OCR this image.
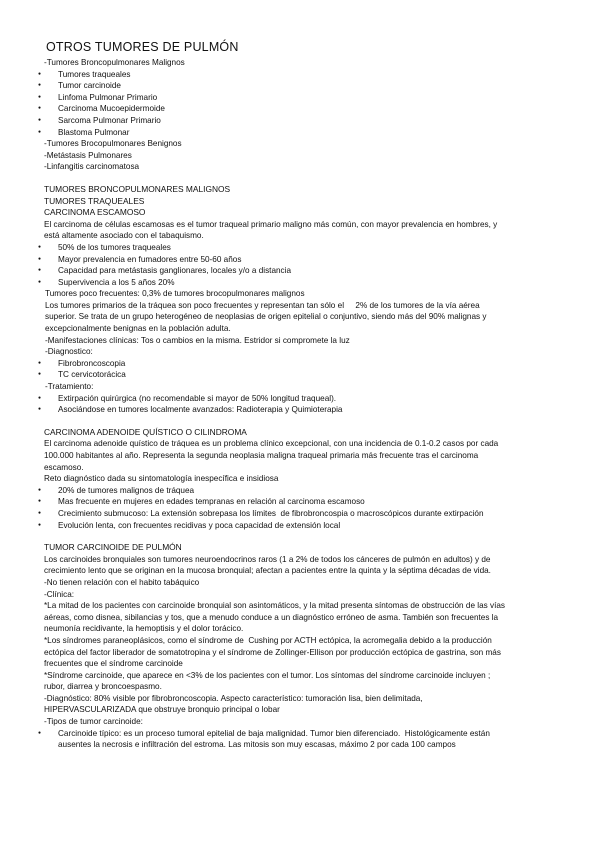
OTROS TUMORES DE PULMÓN
-Tumores Broncopulmonares Malignos
● Tumores traqueales
● Tumor carcinoide
● Linfoma Pulmonar Primario
● Carcinoma Mucoepidermoide
● Sarcoma Pulmonar Primario
● Blastoma Pulmonar
-Tumores Brocopulmonares Benignos
-Metástasis Pulmonares
-Linfangitis carcinomatosa
TUMORES BRONCOPULMONARES MALIGNOS
TUMORES TRAQUEALES
CARCINOMA ESCAMOSO
El carcinoma de células escamosas es el tumor traqueal primario maligno más común, con mayor prevalencia en hombres, y
está altamente asociado con el tabaquismo.
● 50% de los tumores traqueales
● Mayor prevalencia en fumadores entre 50-60 años
● Capacidad para metástasis ganglionares, locales y/o a distancia
● Supervivencia a los 5 años 20%
Tumores poco frecuentes: 0,3% de tumores brocopulmonares malignos
Los tumores primarios de la tráquea son poco frecuentes y representan tan sólo el     2% de los tumores de la vía aérea
superior. Se trata de un grupo heterogéneo de neoplasias de origen epitelial o conjuntivo, siendo más del 90% malignas y
excepcionalmente benignas en la población adulta.
-Manifestaciones clínicas: Tos o cambios en la misma. Estridor si compromete la luz
-Diagnostico:
● Fibrobroncoscopia
● TC cervicotorácica
-Tratamiento:
● Extirpación quirúrgica (no recomendable si mayor de 50% longitud traqueal).
● Asociándose en tumores localmente avanzados: Radioterapia y Quimioterapia
CARCINOMA ADENOIDE QUÍSTICO O CILINDROMA
El carcinoma adenoide quístico de tráquea es un problema clínico excepcional, con una incidencia de 0.1-0.2 casos por cada
100.000 habitantes al año. Representa la segunda neoplasia maligna traqueal primaria más frecuente tras el carcinoma
escamoso.
Reto diagnóstico dada su sintomatología inespecífica e insidiosa
● 20% de tumores malignos de tráquea
● Mas frecuente en mujeres en edades tempranas en relación al carcinoma escamoso
● Crecimiento submucoso: La extensión sobrepasa los límites  de fibrobroncospia o macroscópicos durante extirpación
● Evolución lenta, con frecuentes recidivas y poca capacidad de extensión local
TUMOR CARCINOIDE DE PULMÓN
Los carcinoides bronquiales son tumores neuroendocrinos raros (1 a 2% de todos los cánceres de pulmón en adultos) y de
crecimiento lento que se originan en la mucosa bronquial; afectan a pacientes entre la quinta y la séptima décadas de vida.
-No tienen relación con el habito tabáquico
-Clínica:
*La mitad de los pacientes con carcinoide bronquial son asintomáticos, y la mitad presenta síntomas de obstrucción de las vías
aéreas, como disnea, sibilancias y tos, que a menudo conduce a un diagnóstico erróneo de asma. También son frecuentes la
neumonía recidivante, la hemoptisis y el dolor torácico.
*Los síndromes paraneoplásicos, como el síndrome de  Cushing por ACTH ectópica, la acromegalia debido a la producción
ectópica del factor liberador de somatotropina y el síndrome de Zollinger-Ellison por producción ectópica de gastrina, son más
frecuentes que el síndrome carcinoide
*Síndrome carcinoide, que aparece en <3% de los pacientes con el tumor. Los síntomas del síndrome carcinoide incluyen ;
rubor, diarrea y broncoespasmo.
-Diagnóstico: 80% visible por fibrobroncoscopia. Aspecto característico: tumoración lisa, bien delimitada,
HIPERVASCULARIZADA que obstruye bronquio principal o lobar
-Tipos de tumor carcinoide:
● Carcinoide típico: es un proceso tumoral epitelial de baja malignidad. Tumor bien diferenciado.  Histológicamente están
ausentes la necrosis e infiltración del estroma. Las mitosis son muy escasas, máximo 2 por cada 100 campos
